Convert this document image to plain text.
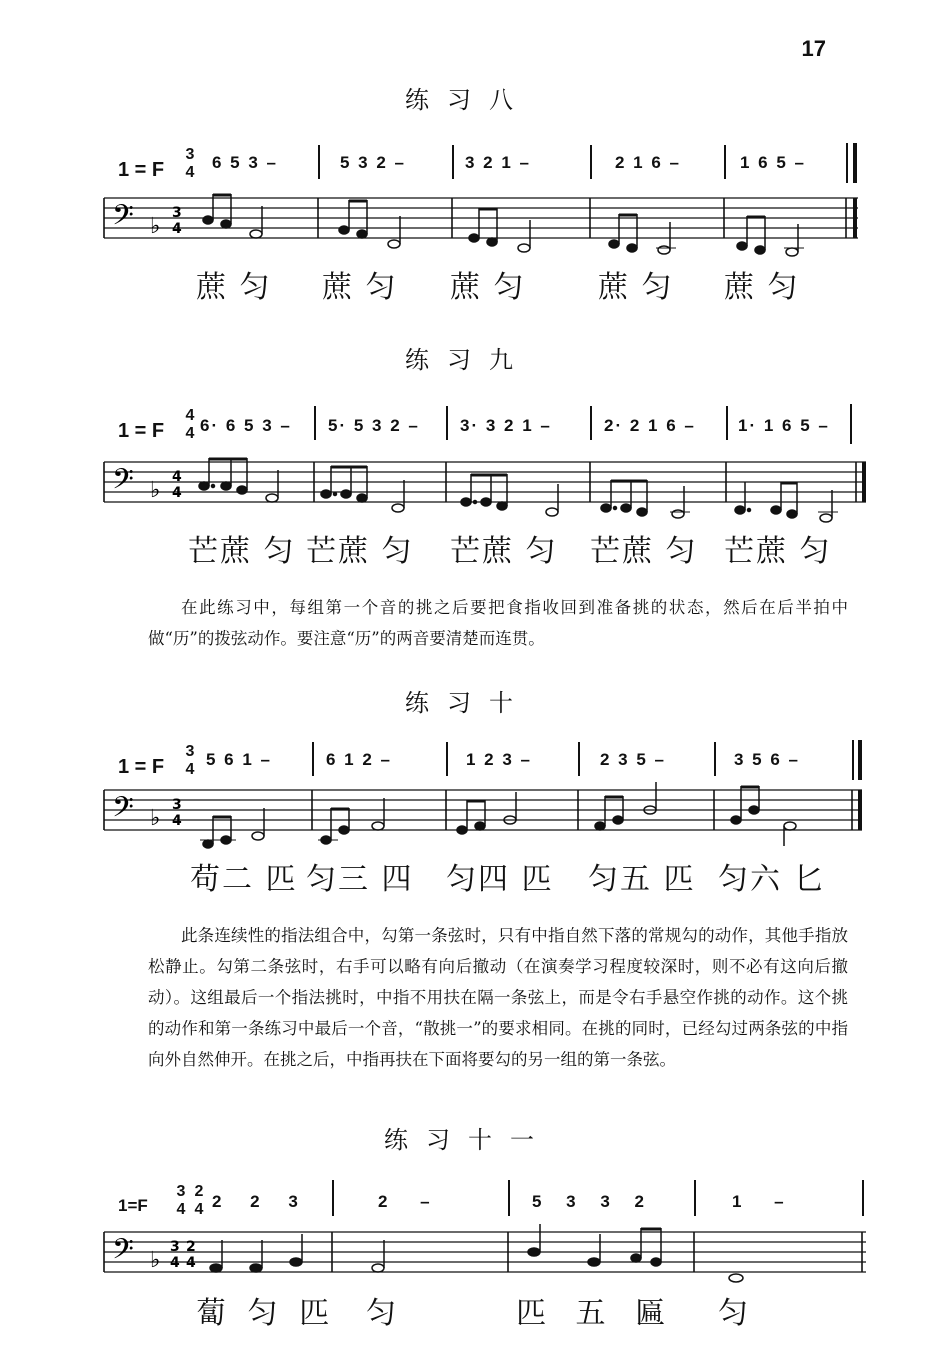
17
练习八
1 = F
3
4
6 5 3 –	5 3 2 –	3 2 1 –	2 1 6 –	1 6 5 –
𝄢 ♭
3
4
蔗 匀 蔗 匀 蔗 匀 蔗 匀 蔗 匀
练习九
1 = F
4
4 6· 6 5 3 – 5· 5 3 2 – 3· 3 2 1 –	2· 2 1 6 – 1· 1 6 5 –
𝄢 ♭
4
4
芒蔗 匀 芒蔗 匀 芒蔗 匀 芒蔗 匀 芒蔗 匀

在此练习中，每组第一个音的挑之后要把食指收回到准备挑的状态，然后在后半拍中做“历”的拨弦动作。要注意“历”的两音要清楚而连贯。

练习十
1 = F
3
4
5 6 1 –	6 1 2 –	1 2 3 –	2 3 5 –	3 5 6 –
𝄢 ♭
3
4
苟二 匹 匀三 四 匀四 匹 匀五 匹 匀六 匕

此条连续性的指法组合中，勾第一条弦时，只有中指自然下落的常规勾的动作，其他手指放松静止。勾第二条弦时，右手可以略有向后撤动（在演奏学习程度较深时，则不必有这向后撤动）。这组最后一个指法挑时，中指不用扶在隔一条弦上，而是令右手悬空作挑的动作。这个挑的动作和第一条练习中最后一个音，“散挑一”的要求相同。在挑的同时，已经勾过两条弦的中指向外自然伸开。在挑之后，中指再扶在下面将要勾的另一组的第一条弦。

练习十一
1=F
3
4
2
4 2 2 3	2 –	5 3 3 2	1 –
𝄢 ♭
3
4
2
4
蔔 匀 匹 匀	匹 五 匾 匀
